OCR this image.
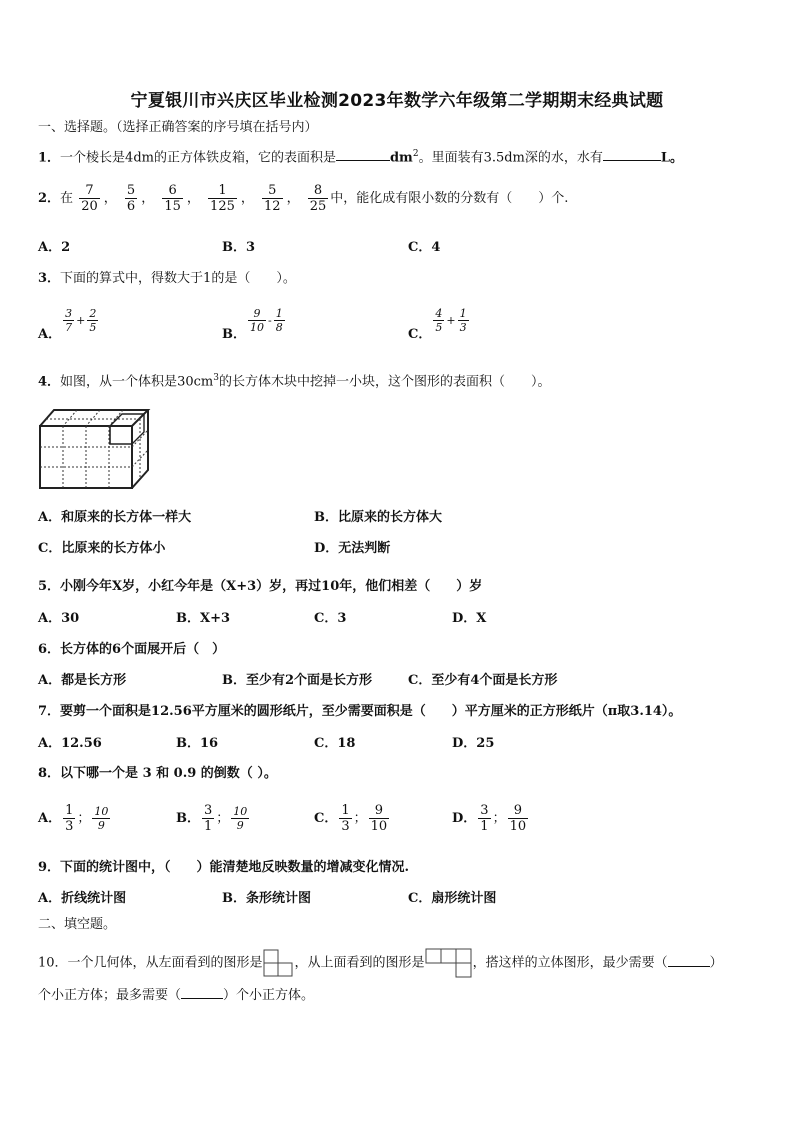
宁夏银川市兴庆区毕业检测2023年数学六年级第二学期期末经典试题
一、选择题。（选择正确答案的序号填在括号内）
1．一个棱长是4dm的正方体铁皮箱，它的表面积是	$dm^2$。里面装有3.5dm深的水，水有	L。
2．在 $\frac{7}{20}$ ， $\frac{5}{6}$ ， $\frac{6}{15}$ ， $\frac{1}{125}$ ， $\frac{5}{12}$ ， $\frac{8}{25}$ 中，能化成有限小数的分数有（　　）个.
A．2	B．3	C．4
3．下面的算式中，得数大于1的是（　　）。
A．
$\frac{3}{7} + \frac{2}{5}$
B．
$\frac{9}{10} - \frac{1}{8}$
C．
$\frac{4}{5} + \frac{1}{3}$
4．如图，从一个体积是$30cm^3$的长方体木块中挖掉一小块，这个图形的表面积（　　）。
A．和原来的长方体一样大	B．比原来的长方体大
C．比原来的长方体小	D．无法判断
5．小刚今年X岁，小红今年是（X+3）岁，再过10年，他们相差（　　）岁
A．30	B．X+3	C．3	D．X
6．长方体的6个面展开后（　）
A．都是长方形	B．至少有2个面是长方形	C．至少有4个面是长方形
7．要剪一个面积是12.56平方厘米的圆形纸片，至少需要面积是（　　）平方厘米的正方形纸片（π取3.14）。
A．12.56	B．16	C．18	D．25
8．以下哪一个是 3 和 0.9 的倒数（ ）。
A． $\frac{1}{3}$ ； $\frac{10}{9}$	B． $\frac{3}{1}$ ； $\frac{10}{9}$	C． $\frac{1}{3}$ ； $\frac{9}{10}$	D． $\frac{3}{1}$ ； $\frac{9}{10}$
9．下面的统计图中，（　　）能清楚地反映数量的增减变化情况.
A．折线统计图	B．条形统计图	C．扇形统计图
二、填空题。
10．一个几何体，从左面看到的图形是 ，从上面看到的图形是	，搭这样的立体图形，最少需要（	）
个小正方体；最多需要（	）个小正方体。
